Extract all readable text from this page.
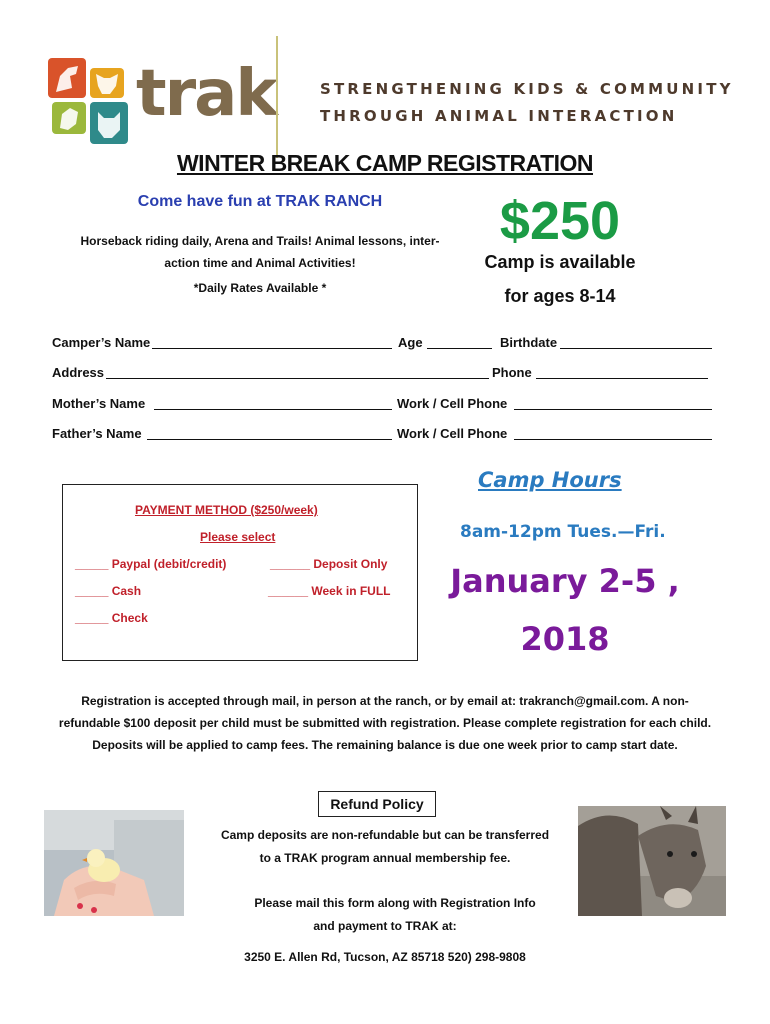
trak	STRENGTHENING KIDS & COMMUNITY
THROUGH ANIMAL INTERACTION
WINTER BREAK CAMP REGISTRATION
Come have fun at TRAK RANCH
Horseback riding daily, Arena and Trails! Animal lessons, inter-
action time and Animal Activities!
*Daily Rates Available *
$250
Camp is available
for ages 8-14
Camper’s Name	Age	Birthdate
Address	Phone
Mother’s Name	Work / Cell Phone
Father’s Name	Work / Cell Phone
PAYMENT METHOD ($250/week)
Please select
_____ Paypal (debit/credit)	______ Deposit Only
_____ Cash	______ Week in FULL
_____ Check
Camp Hours
8am-12pm Tues.—Fri.
January 2-5 ,
2018
Registration is accepted through mail, in person at the ranch, or by email at: trakranch@gmail.com. A non-
refundable $100 deposit per child must be submitted with registration. Please complete registration for each child.
Deposits will be applied to camp fees. The remaining balance is due one week prior to camp start date.
Refund Policy
Camp deposits are non-refundable but can be transferred
to a TRAK program annual membership fee.
Please mail this form along with Registration Info
and payment to TRAK at:
3250 E. Allen Rd, Tucson, AZ 85718 520) 298-9808
